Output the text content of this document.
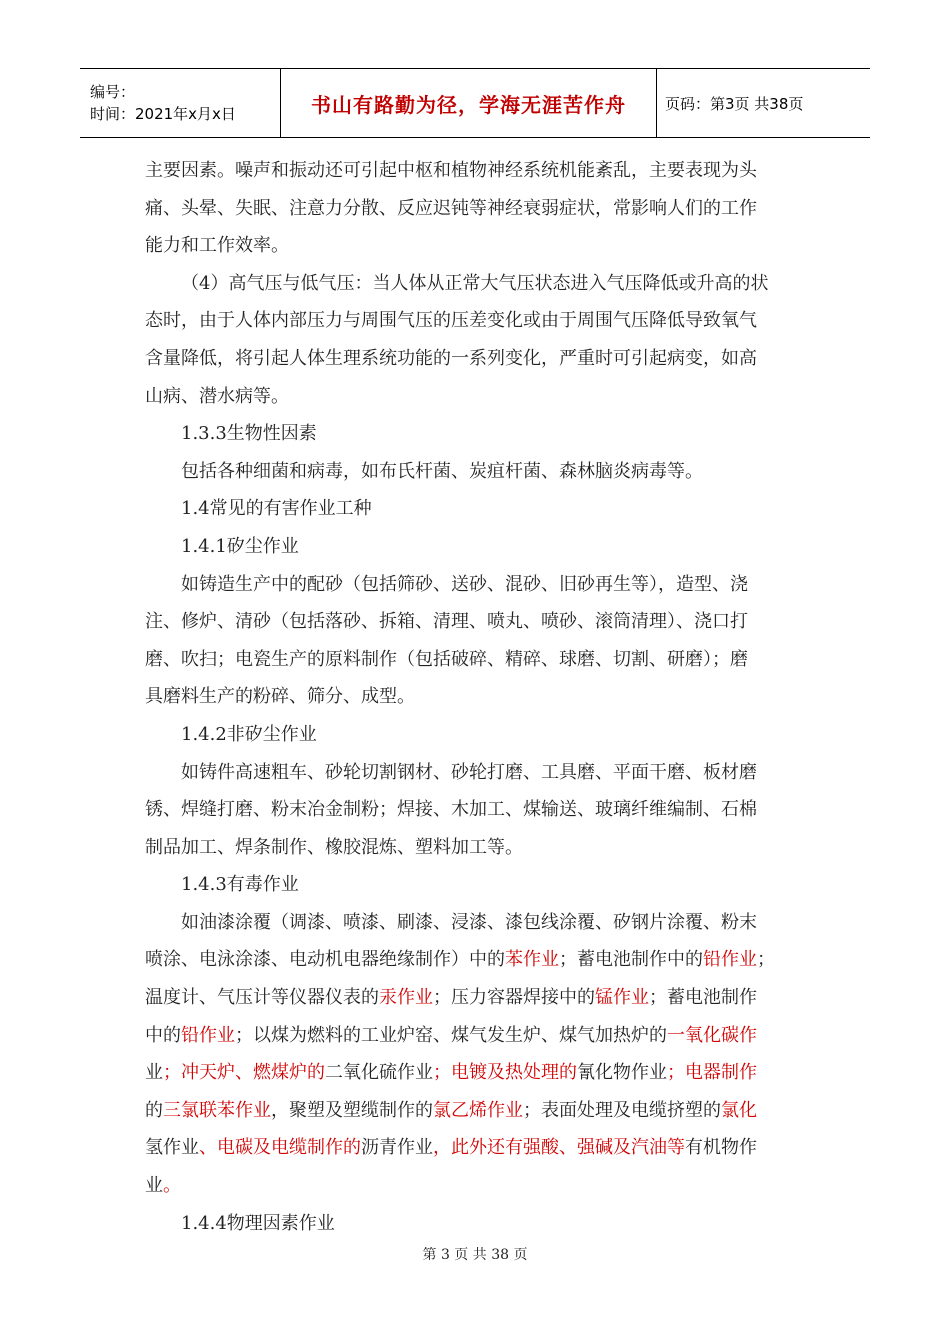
编号：
时间：2021年x月x日	书山有路勤为径，学海无涯苦作舟	页码：第3页 共38页
主要因素。噪声和振动还可引起中枢和植物神经系统机能紊乱，主要表现为头
痛、头晕、失眠、注意力分散、反应迟钝等神经衰弱症状，常影响人们的工作
能力和工作效率。
（4）高气压与低气压：当人体从正常大气压状态进入气压降低或升高的状
态时，由于人体内部压力与周围气压的压差变化或由于周围气压降低导致氧气
含量降低，将引起人体生理系统功能的一系列变化，严重时可引起病变，如高
山病、潜水病等。
1.3.3生物性因素
包括各种细菌和病毒，如布氏杆菌、炭疽杆菌、森林脑炎病毒等。
1.4常见的有害作业工种
1.4.1矽尘作业
如铸造生产中的配砂（包括筛砂、送砂、混砂、旧砂再生等），造型、浇
注、修炉、清砂（包括落砂、拆箱、清理、喷丸、喷砂、滚筒清理）、浇口打
磨、吹扫；电瓷生产的原料制作（包括破碎、精碎、球磨、切割、研磨）；磨
具磨料生产的粉碎、筛分、成型。
1.4.2非矽尘作业
如铸件高速粗车、砂轮切割钢材、砂轮打磨、工具磨、平面干磨、板材磨
锈、焊缝打磨、粉末冶金制粉；焊接、木加工、煤输送、玻璃纤维编制、石棉
制品加工、焊条制作、橡胶混炼、塑料加工等。
1.4.3有毒作业
如油漆涂覆（调漆、喷漆、刷漆、浸漆、漆包线涂覆、矽钢片涂覆、粉末
喷涂、电泳涂漆、电动机电器绝缘制作）中的苯作业；蓄电池制作中的铅作业；
温度计、气压计等仪器仪表的汞作业；压力容器焊接中的锰作业；蓄电池制作
中的铅作业；以煤为燃料的工业炉窑、煤气发生炉、煤气加热炉的一氧化碳作
业；冲天炉、燃煤炉的二氧化硫作业；电镀及热处理的氰化物作业；电器制作
的三氯联苯作业，聚塑及塑缆制作的氯乙烯作业；表面处理及电缆挤塑的氯化
氢作业、电碳及电缆制作的沥青作业，此外还有强酸、强碱及汽油等有机物作
业。
1.4.4物理因素作业
第 3 页 共 38 页
